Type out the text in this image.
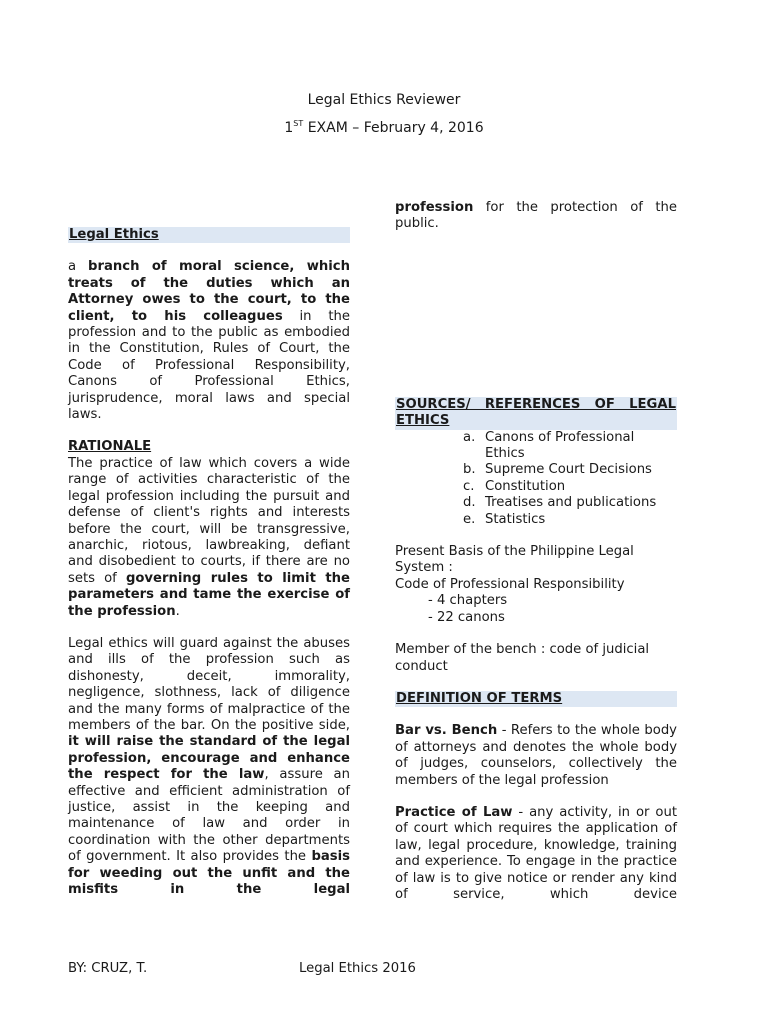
Legal Ethics Reviewer
1ST EXAM – February 4, 2016

Legal Ethics

a branch of moral science, which treats of the duties which an Attorney owes to the court, to the client, to his colleagues in the profession and to the public as embodied in the Constitution, Rules of Court, the Code of Professional Responsibility, Canons of Professional Ethics, jurisprudence, moral laws and special laws.

RATIONALE

The practice of law which covers a wide range of activities characteristic of the legal profession including the pursuit and defense of client's rights and interests before the court, will be transgressive, anarchic, riotous, lawbreaking, defiant and disobedient to courts, if there are no sets of governing rules to limit the parameters and tame the exercise of the profession.

Legal ethics will guard against the abuses and ills of the profession such as dishonesty, deceit, immorality, negligence, slothness, lack of diligence and the many forms of malpractice of the members of the bar. On the positive side, it will raise the standard of the legal profession, encourage and enhance the respect for the law, assure an effective and efficient administration of justice, assist in the keeping and maintenance of law and order in coordination with the other departments of government. It also provides the basis for weeding out the unfit and the misfits in the legal

profession for the protection of the public.

SOURCES/ REFERENCES OF LEGAL ETHICS

a. Canons of Professional Ethics
b. Supreme Court Decisions
c. Constitution
d. Treatises and publications
e. Statistics

Present Basis of the Philippine Legal System :

Code of Professional Responsibility

- 4 chapters

- 22 canons

Member of the bench : code of judicial conduct

DEFINITION OF TERMS

Bar vs. Bench - Refers to the whole body of attorneys and denotes the whole body of judges, counselors, collectively the members of the legal profession

Practice of Law - any activity, in or out of court which requires the application of law, legal procedure, knowledge, training and experience. To engage in the practice of law is to give notice or render any kind of service, which device

BY: CRUZ, T.	Legal Ethics 2016
